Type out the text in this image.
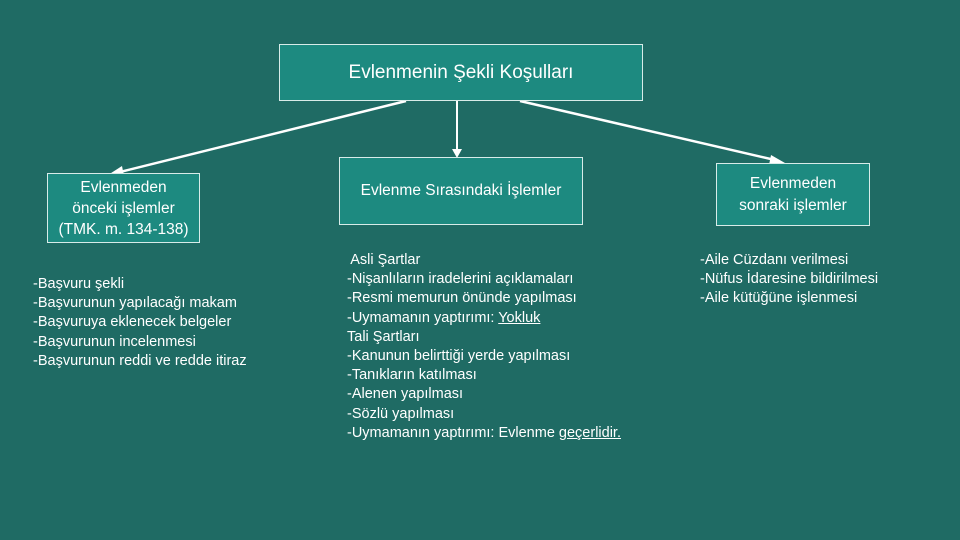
Evlenmenin Şekli Koşulları
Evlenmeden
önceki işlemler
(TMK. m. 134-138)
Evlenme Sırasındaki İşlemler	Evlenmeden
sonraki işlemler
-Başvuru şekli
-Başvurunun yapılacağı makam
-Başvuruya eklenecek belgeler
-Başvurunun incelenmesi
-Başvurunun reddi ve redde itiraz
Asli Şartlar
-Nişanlıların iradelerini açıklamaları
-Resmi memurun önünde yapılması
-Uymamanın yaptırımı: Yokluk
Tali Şartları
-Kanunun belirttiği yerde yapılması
-Tanıkların katılması
-Alenen yapılması
-Sözlü yapılması
-Uymamanın yaptırımı: Evlenme geçerlidir.
-Aile Cüzdanı verilmesi
-Nüfus İdaresine bildirilmesi
-Aile kütüğüne işlenmesi
